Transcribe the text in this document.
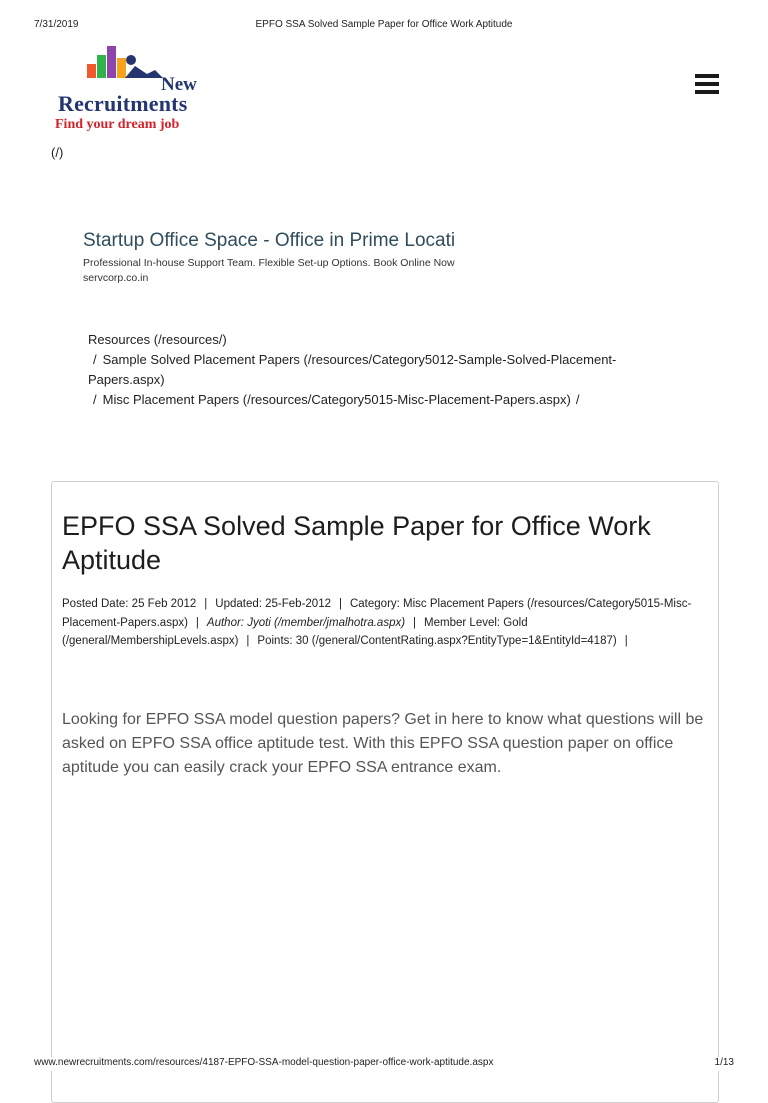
7/31/2019	EPFO SSA Solved Sample Paper for Office Work Aptitude
New
Recruitments
Find your dream job
(/)
Startup Office Space - Office in Prime Locati
Professional In-house Support Team. Flexible Set-up Options. Book Online Now
servcorp.co.in
Resources (/resources/)
/ Sample Solved Placement Papers (/resources/Category5012-Sample-Solved-Placement-Papers.aspx)
/ Misc Placement Papers (/resources/Category5015-Misc-Placement-Papers.aspx) /
EPFO SSA Solved Sample Paper for Office Work Aptitude
Posted Date: 25 Feb 2012 | Updated: 25-Feb-2012 | Category: Misc Placement Papers (/resources/Category5015-Misc-Placement-Papers.aspx) | Author: Jyoti (/member/jmalhotra.aspx) | Member Level: Gold (/general/MembershipLevels.aspx) | Points: 30 (/general/ContentRating.aspx?EntityType=1&EntityId=4187) |

Looking for EPFO SSA model question papers? Get in here to know what questions will be asked on EPFO SSA office aptitude test. With this EPFO SSA question paper on office aptitude you can easily crack your EPFO SSA entrance exam.

www.newrecruitments.com/resources/4187-EPFO-SSA-model-question-paper-office-work-aptitude.aspx	1/13
